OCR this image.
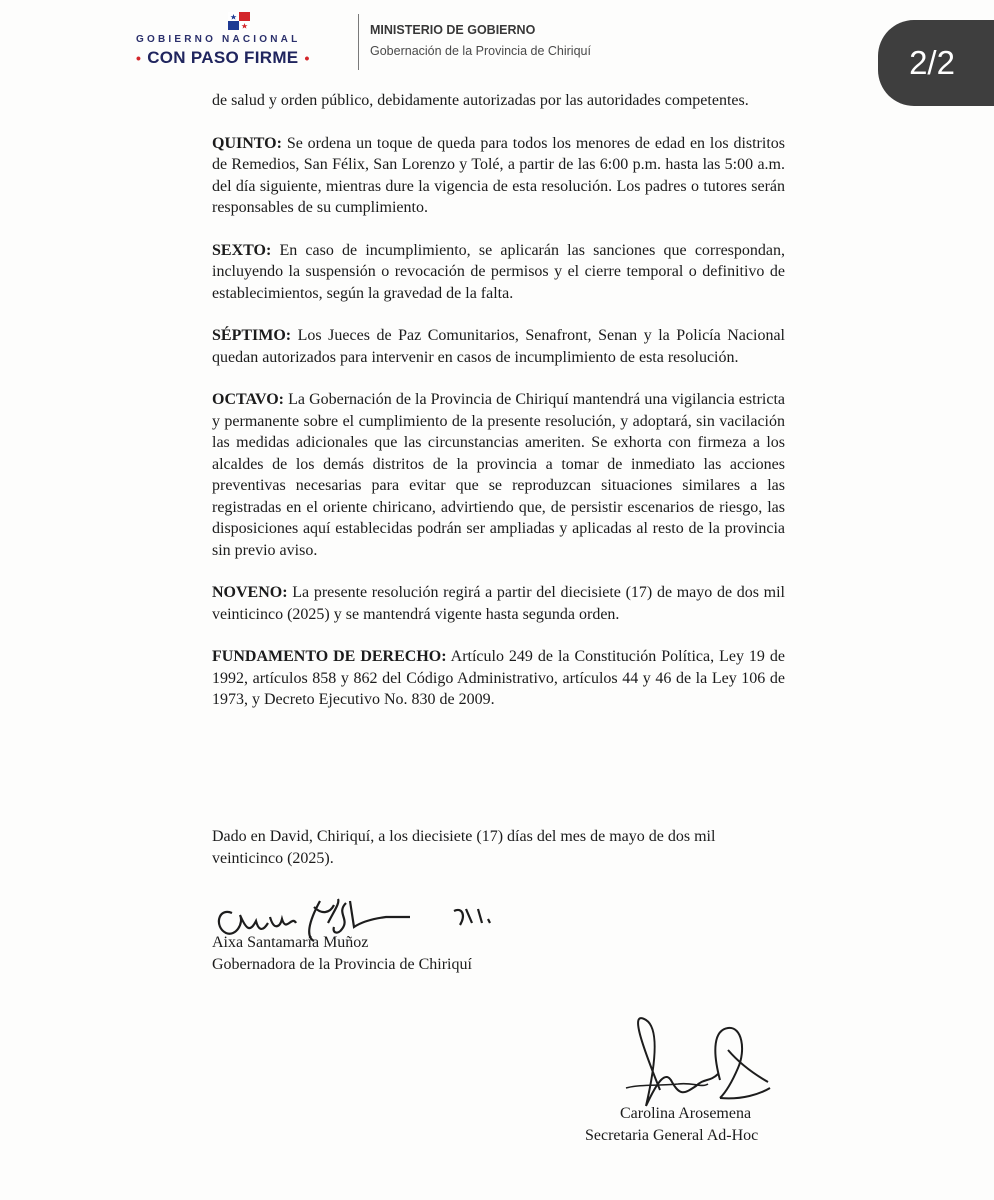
GOBIERNO NACIONAL
• CON PASO FIRME •
MINISTERIO DE GOBIERNO
Gobernación de la Provincia de Chiriquí	2/2

de salud y orden público, debidamente autorizadas por las autoridades competentes.

QUINTO: Se ordena un toque de queda para todos los menores de edad en los distritos de Remedios, San Félix, San Lorenzo y Tolé, a partir de las 6:00 p.m. hasta las 5:00 a.m. del día siguiente, mientras dure la vigencia de esta resolución. Los padres o tutores serán responsables de su cumplimiento.

SEXTO: En caso de incumplimiento, se aplicarán las sanciones que correspondan, incluyendo la suspensión o revocación de permisos y el cierre temporal o definitivo de establecimientos, según la gravedad de la falta.

SÉPTIMO: Los Jueces de Paz Comunitarios, Senafront, Senan y la Policía Nacional quedan autorizados para intervenir en casos de incumplimiento de esta resolución.

OCTAVO: La Gobernación de la Provincia de Chiriquí mantendrá una vigilancia estricta y permanente sobre el cumplimiento de la presente resolución, y adoptará, sin vacilación las medidas adicionales que las circunstancias ameriten. Se exhorta con firmeza a los alcaldes de los demás distritos de la provincia a tomar de inmediato las acciones preventivas necesarias para evitar que se reproduzcan situaciones similares a las registradas en el oriente chiricano, advirtiendo que, de persistir escenarios de riesgo, las disposiciones aquí establecidas podrán ser ampliadas y aplicadas al resto de la provincia sin previo aviso.

NOVENO: La presente resolución regirá a partir del diecisiete (17) de mayo de dos mil veinticinco (2025) y se mantendrá vigente hasta segunda orden.

FUNDAMENTO DE DERECHO: Artículo 249 de la Constitución Política, Ley 19 de 1992, artículos 858 y 862 del Código Administrativo, artículos 44 y 46 de la Ley 106 de 1973, y Decreto Ejecutivo No. 830 de 2009.

Dado en David, Chiriquí, a los diecisiete (17) días del mes de mayo de dos mil veinticinco (2025).
Aixa Santamaría Muñoz
Gobernadora de la Provincia de Chiriquí
Carolina Arosemena
Secretaria General Ad-Hoc
